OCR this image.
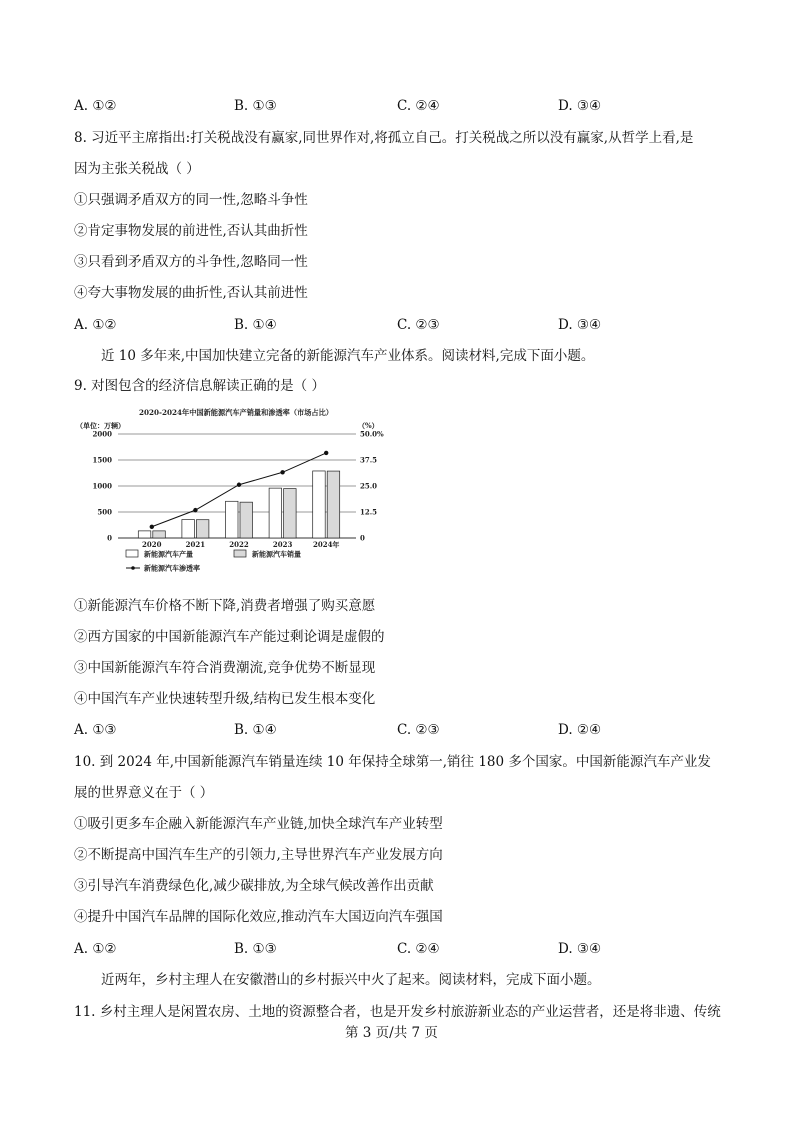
A. ①②	B. ①③	C. ②④	D. ③④
8. 习近平主席指出:打关税战没有赢家,同世界作对,将孤立自己。打关税战之所以没有赢家,从哲学上看,是
因为主张关税战（ ）
①只强调矛盾双方的同一性,忽略斗争性
②肯定事物发展的前进性,否认其曲折性
③只看到矛盾双方的斗争性,忽略同一性
④夸大事物发展的曲折性,否认其前进性
A. ①②	B. ①④	C. ②③	D. ③④
近 10 多年来,中国加快建立完备的新能源汽车产业体系。阅读材料,完成下面小题。
9. 对图包含的经济信息解读正确的是（ ）
2020-2024年中国新能源汽车产销量和渗透率（市场占比）
（单位：万辆）	（%）
0	0
500	12.5
1000	25.0
1500	37.5
2000	50.0%
2020	2021	2022	2023	2024年
新能源汽车产量	新能源汽车销量
新能源汽车渗透率
①新能源汽车价格不断下降,消费者增强了购买意愿
②西方国家的中国新能源汽车产能过剩论调是虚假的
③中国新能源汽车符合消费潮流,竞争优势不断显现
④中国汽车产业快速转型升级,结构已发生根本变化
A. ①③	B. ①④	C. ②③	D. ②④
10. 到 2024 年,中国新能源汽车销量连续 10 年保持全球第一,销往 180 多个国家。中国新能源汽车产业发
展的世界意义在于（ ）
①吸引更多车企融入新能源汽车产业链,加快全球汽车产业转型
②不断提高中国汽车生产的引领力,主导世界汽车产业发展方向
③引导汽车消费绿色化,减少碳排放,为全球气候改善作出贡献
④提升中国汽车品牌的国际化效应,推动汽车大国迈向汽车强国
A. ①②	B. ①③	C. ②④	D. ③④
近两年，乡村主理人在安徽潜山的乡村振兴中火了起来。阅读材料，完成下面小题。
11. 乡村主理人是闲置农房、土地的资源整合者，也是开发乡村旅游新业态的产业运营者，还是将非遗、传统
第 3 页/共 7 页
